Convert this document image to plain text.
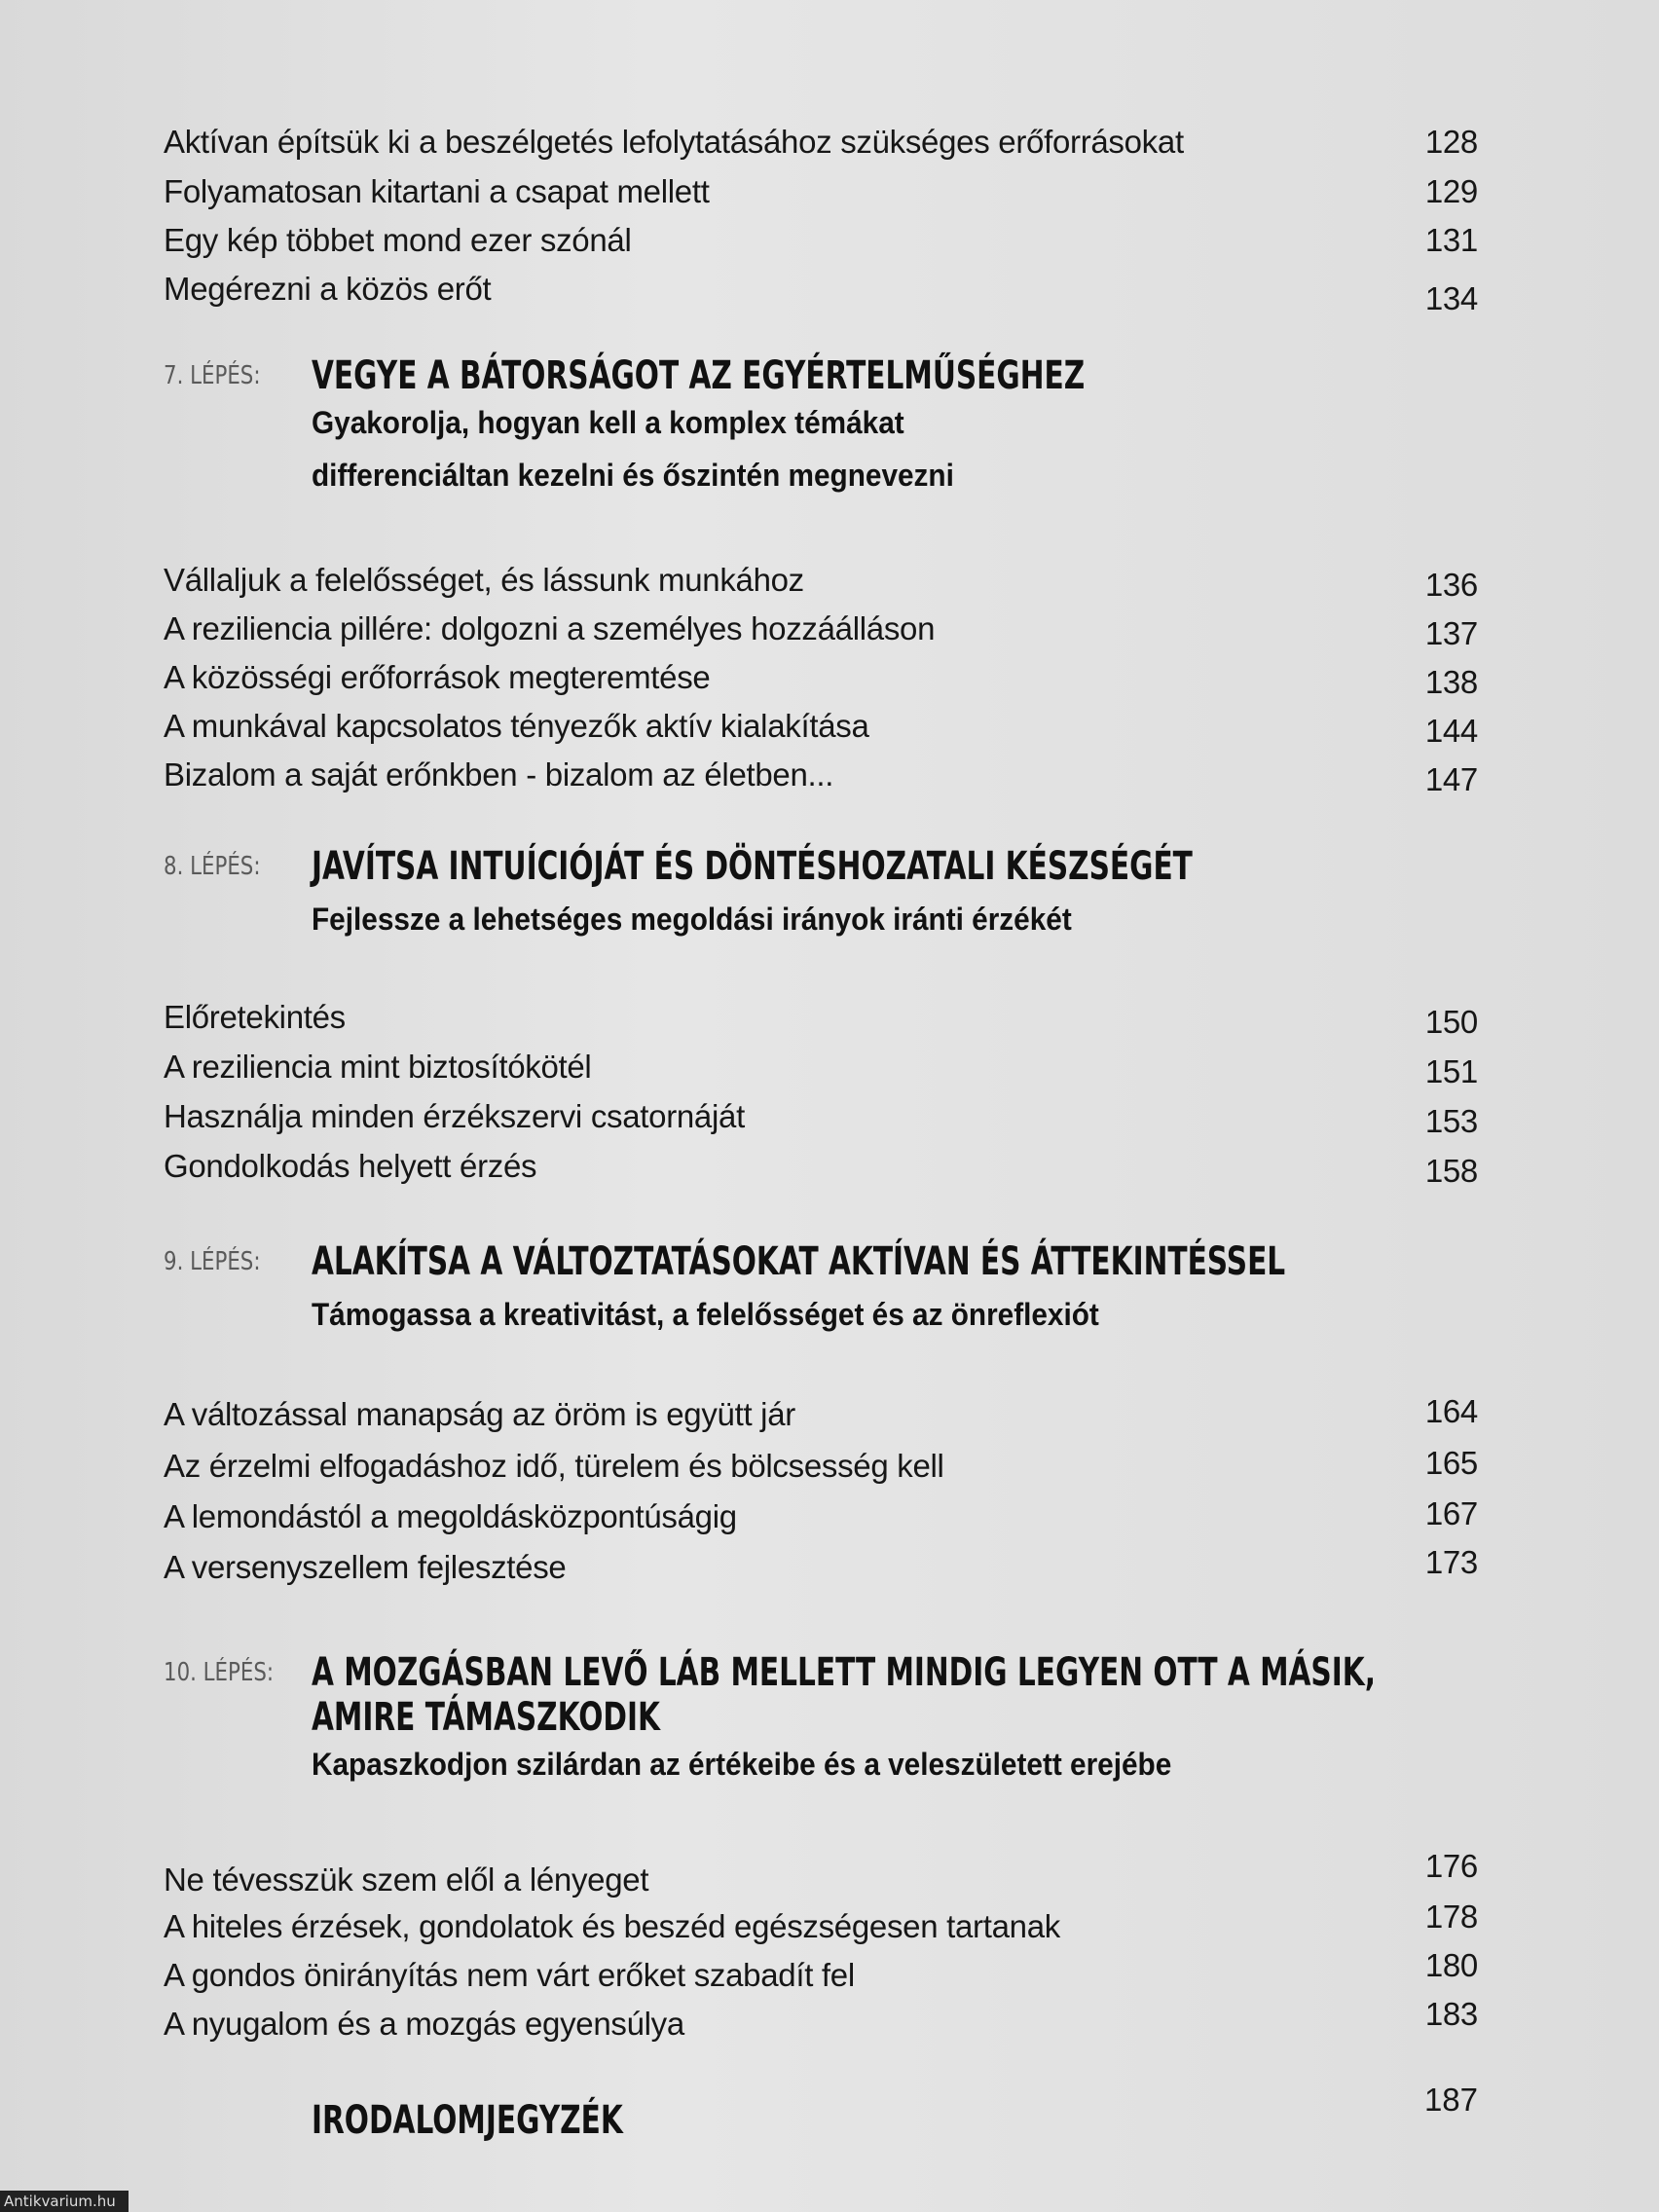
Aktívan építsük ki a beszélgetés lefolytatásához szükséges erőforrásokat	128
Folyamatosan kitartani a csapat mellett	129
Egy kép többet mond ezer szónál	131
Megérezni a közös erőt	134
7. LÉPÉS:	VEGYE A BÁTORSÁGOT AZ EGYÉRTELMŰSÉGHEZ
Gyakorolja, hogyan kell a komplex témákat
differenciáltan kezelni és őszintén megnevezni
Vállaljuk a felelősséget, és lássunk munkához	136
A reziliencia pillére: dolgozni a személyes hozzáálláson	137
A közösségi erőforrások megteremtése	138
A munkával kapcsolatos tényezők aktív kialakítása	144
Bizalom a saját erőnkben - bizalom az életben...	147
8. LÉPÉS:	JAVÍTSA INTUÍCIÓJÁT ÉS DÖNTÉSHOZATALI KÉSZSÉGÉT
Fejlessze a lehetséges megoldási irányok iránti érzékét
Előretekintés	150
A reziliencia mint biztosítókötél	151
Használja minden érzékszervi csatornáját	153
Gondolkodás helyett érzés	158
9. LÉPÉS:	ALAKÍTSA A VÁLTOZTATÁSOKAT AKTÍVAN ÉS ÁTTEKINTÉSSEL
Támogassa a kreativitást, a felelősséget és az önreflexiót
A változással manapság az öröm is együtt jár	164
Az érzelmi elfogadáshoz idő, türelem és bölcsesség kell	165
A lemondástól a megoldásközpontúságig	167
A versenyszellem fejlesztése	173
10. LÉPÉS: A MOZGÁSBAN LEVŐ LÁB MELLETT MINDIG LEGYEN OTT A MÁSIK,
AMIRE TÁMASZKODIK
Kapaszkodjon szilárdan az értékeibe és a veleszületett erejébe
Ne tévesszük szem elől a lényeget	176
A hiteles érzések, gondolatok és beszéd egészségesen tartanak	178
A gondos önirányítás nem várt erőket szabadít fel	180
A nyugalom és a mozgás egyensúlya	183
IRODALOMJEGYZÉK	187
Antikvarium.hu
